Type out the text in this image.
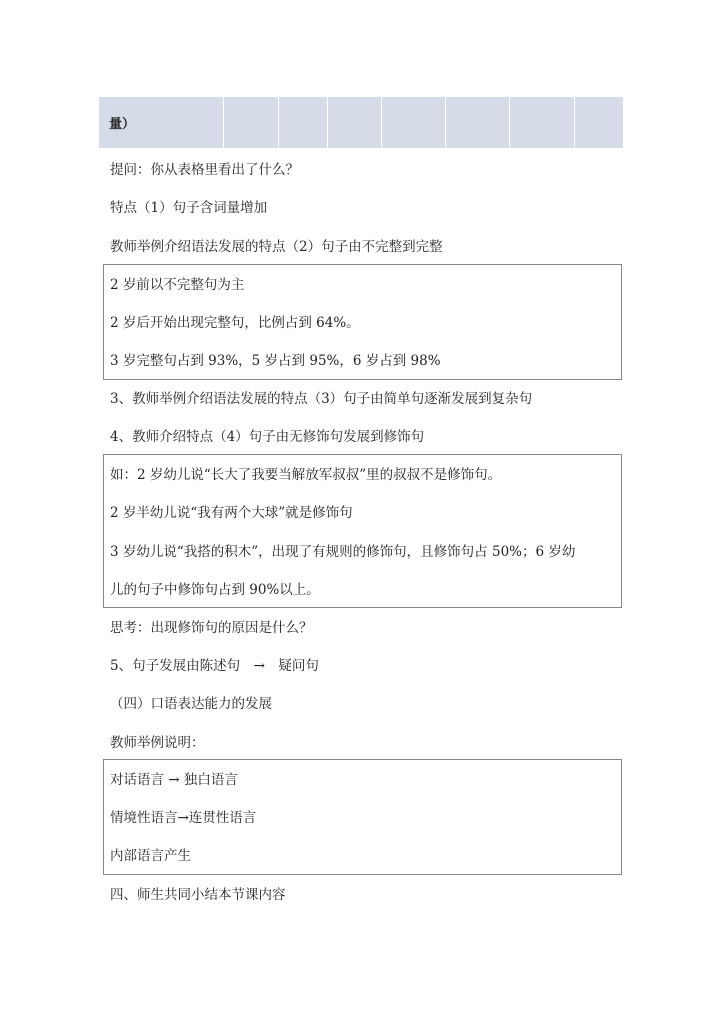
量）							
提问：你从表格里看出了什么？
特点（1）句子含词量增加
教师举例介绍语法发展的特点（2）句子由不完整到完整
2 岁前以不完整句为主
2 岁后开始出现完整句，比例占到 64%。
3 岁完整句占到 93%，5 岁占到 95%，6 岁占到 98%
3、教师举例介绍语法发展的特点（3）句子由简单句逐渐发展到复杂句
4、教师介绍特点（4）句子由无修饰句发展到修饰句
如：2 岁幼儿说“长大了我要当解放军叔叔”里的叔叔不是修饰句。
2 岁半幼儿说“我有两个大球”就是修饰句
3 岁幼儿说“我搭的积木”，出现了有规则的修饰句，且修饰句占 50%；6 岁幼
儿的句子中修饰句占到 90%以上。
思考：出现修饰句的原因是什么？
5、句子发展由陈述句　→　疑问句
（四）口语表达能力的发展
教师举例说明：
对话语言 → 独白语言
情境性语言→连贯性语言
内部语言产生
四、师生共同小结本节课内容
